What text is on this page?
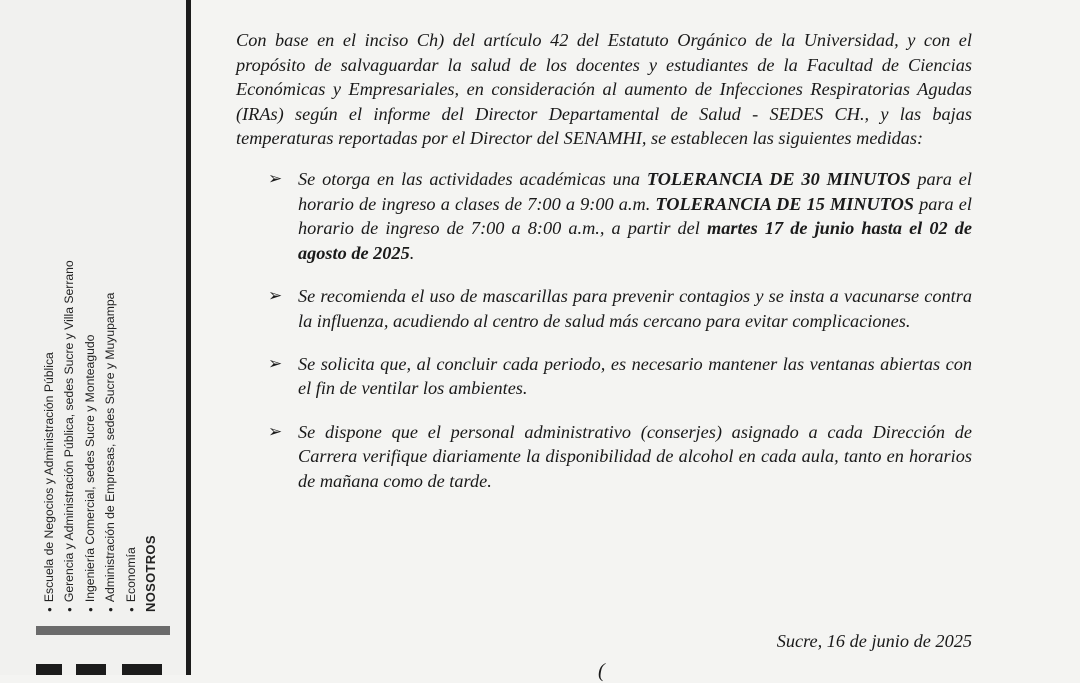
● Escuela de Negocios y Administración Pública ● Gerencia y Administración Pública, sedes Sucre y Villa Serrano ● Ingeniería Comercial, sedes Sucre y Monteagudo ● Administración de Empresas, sedes Sucre y Muyupampa ● Economía NOSOTROS

Con base en el inciso Ch) del artículo 42 del Estatuto Orgánico de la Universidad, y con el propósito de salvaguardar la salud de los docentes y estudiantes de la Facultad de Ciencias Económicas y Empresariales, en consideración al aumento de Infecciones Respiratorias Agudas (IRAs) según el informe del Director Departamental de Salud - SEDES CH., y las bajas temperaturas reportadas por el Director del SENAMHI, se establecen las siguientes medidas:

➢ Se otorga en las actividades académicas una TOLERANCIA DE 30 MINUTOS para el horario de ingreso a clases de 7:00 a 9:00 a.m. TOLERANCIA DE 15 MINUTOS para el horario de ingreso de 7:00 a 8:00 a.m., a partir del martes 17 de junio hasta el 02 de agosto de 2025.
➢ Se recomienda el uso de mascarillas para prevenir contagios y se insta a vacunarse contra la influenza, acudiendo al centro de salud más cercano para evitar complicaciones.
➢ Se solicita que, al concluir cada periodo, es necesario mantener las ventanas abiertas con el fin de ventilar los ambientes.
➢ Se dispone que el personal administrativo (conserjes) asignado a cada Dirección de Carrera verifique diariamente la disponibilidad de alcohol en cada aula, tanto en horarios de mañana como de tarde.
Sucre, 16 de junio de 2025
(
